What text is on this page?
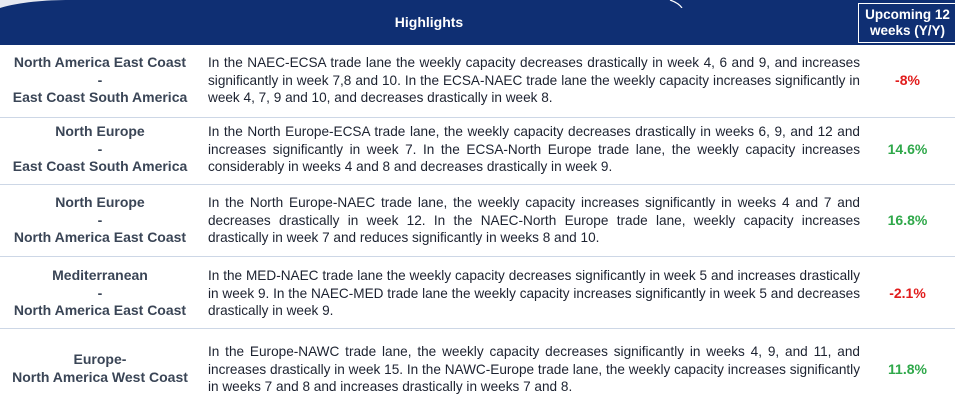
Highlights	Upcoming 12
weeks (Y/Y)
North America East Coast
-
East Coast South America
In the NAEC-ECSA trade lane the weekly capacity decreases drastically in week 4, 6 and 9, and increases significantly in week 7,8 and 10. In the ECSA-NAEC trade lane the weekly capacity increases significantly in week 4, 7, 9 and 10, and decreases drastically in week 8.
-8%
North Europe
-
East Coast South America
In the North Europe-ECSA trade lane, the weekly capacity decreases drastically in weeks 6, 9, and 12 and increases significantly in week 7. In the ECSA-North Europe trade lane, the weekly capacity increases considerably in weeks 4 and 8 and decreases drastically in week 9.
14.6%
North Europe
-
North America East Coast
In the North Europe-NAEC trade lane, the weekly capacity increases significantly in weeks 4 and 7 and decreases drastically in week 12. In the NAEC-North Europe trade lane, weekly capacity increases drastically in week 7 and reduces significantly in weeks 8 and 10.
16.8%
Mediterranean
-
North America East Coast
In the MED-NAEC trade lane the weekly capacity decreases significantly in week 5 and increases drastically in week 9. In the NAEC-MED trade lane the weekly capacity increases significantly in week 5 and decreases drastically in week 9.
-2.1%
Europe-
North America West Coast
In the Europe-NAWC trade lane, the weekly capacity decreases significantly in weeks 4, 9, and 11, and increases drastically in week 15. In the NAWC-Europe trade lane, the weekly capacity increases significantly in weeks 7 and 8 and increases drastically in weeks 7 and 8.
11.8%
